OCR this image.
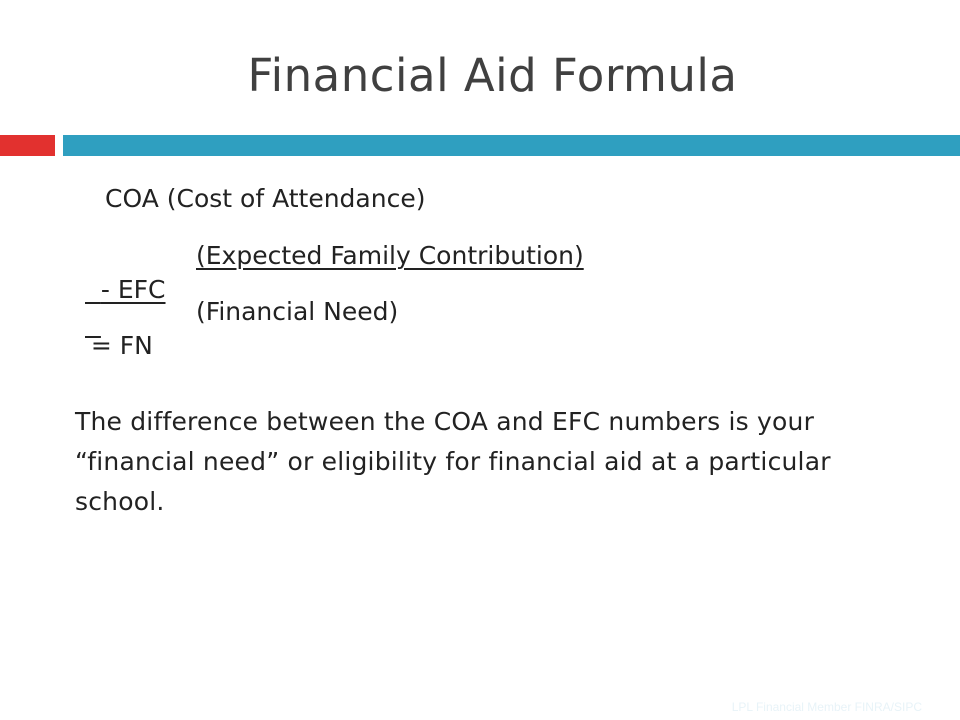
Financial Aid Formula
COA (Cost of Attendance)

- EFC

(Expected Family Contribution)

= FN

(Financial Need)

The difference between the COA and EFC numbers is your “financial need” or eligibility for financial aid at a particular school.

LPL Financial Member FINRA/SIPC
